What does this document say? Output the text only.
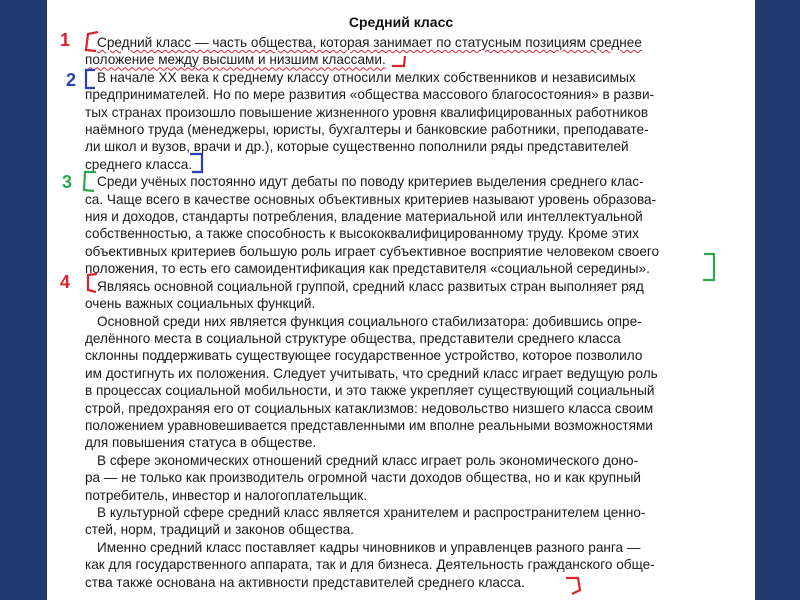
Средний класс
Средний класс — часть общества, которая занимает по статусным позициям среднее
положение между высшим и низшим классами.
В начале XX века к среднему классу относили мелких собственников и независимых
предпринимателей. Но по мере развития «общества массового благосостояния» в разви-
тых странах произошло повышение жизненного уровня квалифицированных работников
наёмного труда (менеджеры, юристы, бухгалтеры и банковские работники, преподавате-
ли школ и вузов, врачи и др.), которые существенно пополнили ряды представителей
среднего класса.
Среди учёных постоянно идут дебаты по поводу критериев выделения среднего клас-
са. Чаще всего в качестве основных объективных критериев называют уровень образова-
ния и доходов, стандарты потребления, владение материальной или интеллектуальной
собственностью, а также способность к высококвалифицированному труду. Кроме этих
объективных критериев большую роль играет субъективное восприятие человеком своего
положения, то есть его самоидентификация как представителя «социальной середины».
Являясь основной социальной группой, средний класс развитых стран выполняет ряд
очень важных социальных функций.
Основной среди них является функция социального стабилизатора: добившись опре-
делённого места в социальной структуре общества, представители среднего класса
склонны поддерживать существующее государственное устройство, которое позволило
им достигнуть их положения. Следует учитывать, что средний класс играет ведущую роль
в процессах социальной мобильности, и это также укрепляет существующий социальный
строй, предохраняя его от социальных катаклизмов: недовольство низшего класса своим
положением уравновешивается представленными им вполне реальными возможностями
для повышения статуса в обществе.
В сфере экономических отношений средний класс играет роль экономического доно-
ра — не только как производитель огромной части доходов общества, но и как крупный
потребитель, инвестор и налогоплательщик.
В культурной сфере средний класс является хранителем и распространителем ценно-
стей, норм, традиций и законов общества.
Именно средний класс поставляет кадры чиновников и управленцев разного ранга —
как для государственного аппарата, так и для бизнеса. Деятельность гражданского обще-
ства также основана на активности представителей среднего класса.
1
2
3
4
